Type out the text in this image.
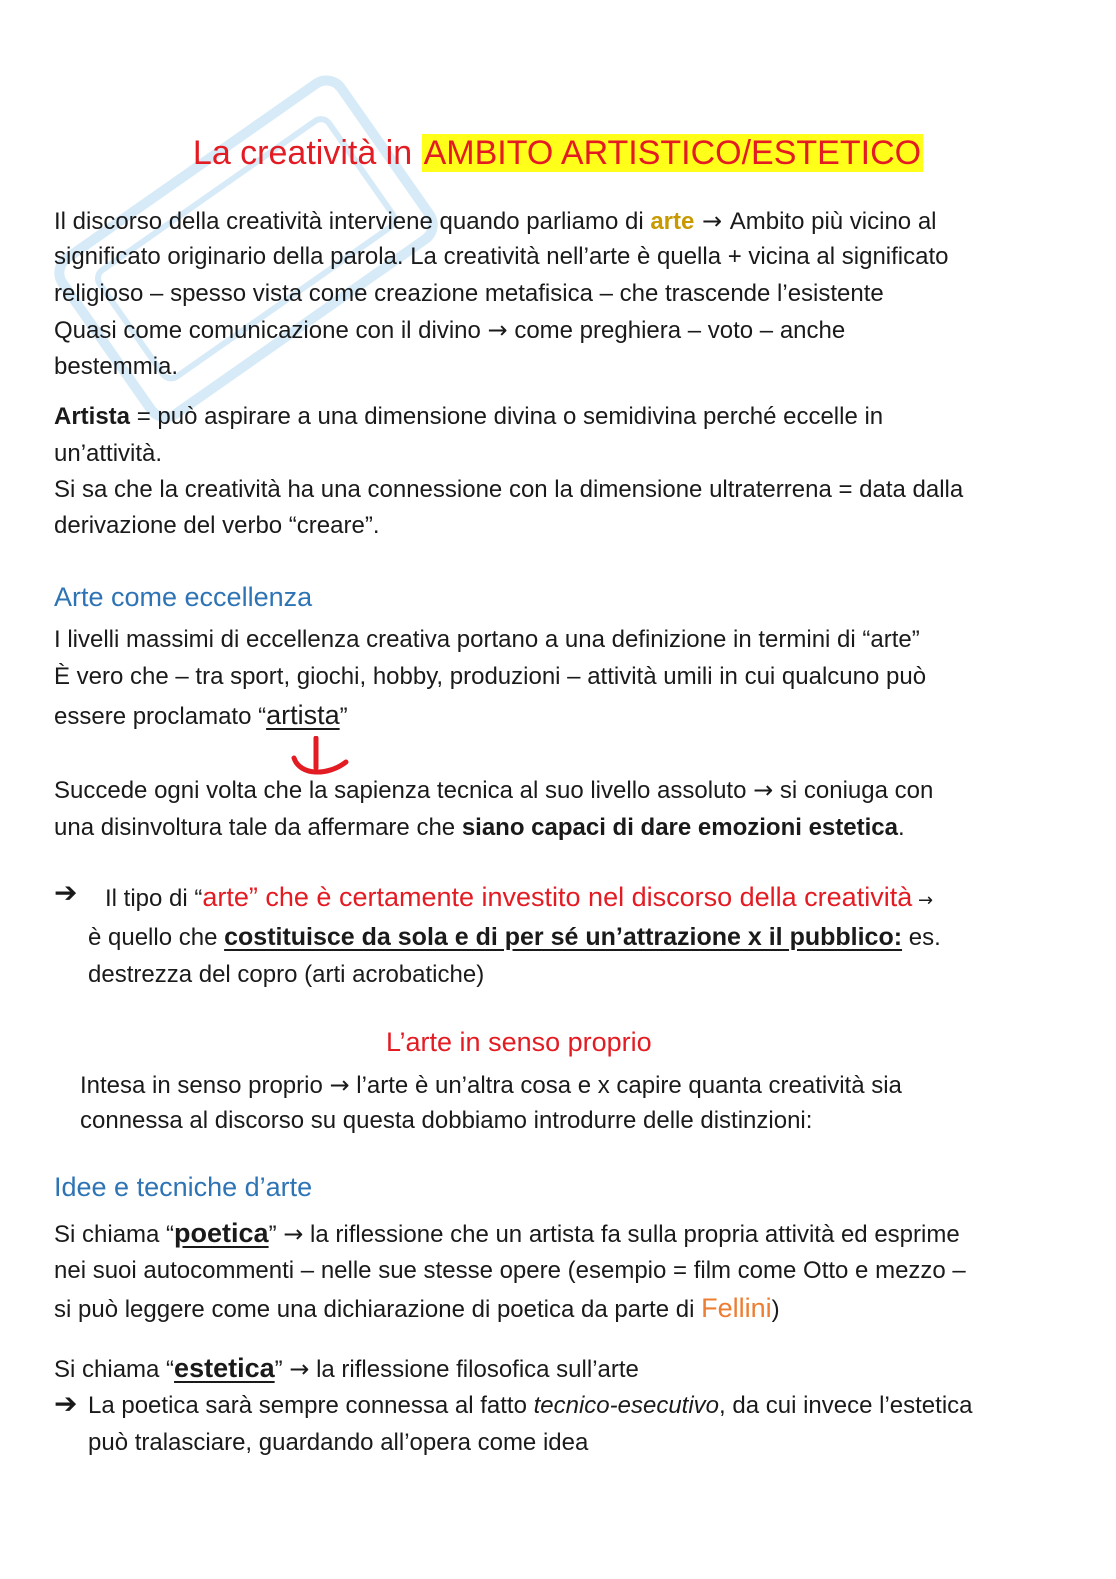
La creatività in AMBITO ARTISTICO/ESTETICO

Il discorso della creatività interviene quando parliamo di arte → Ambito più vicino al

significato originario della parola. La creatività nell’arte è quella + vicina al significato

religioso – spesso vista come creazione metafisica – che trascende l’esistente

Quasi come comunicazione con il divino → come preghiera – voto – anche

bestemmia.

Artista = può aspirare a una dimensione divina o semidivina perché eccelle in

un’attività.

Si sa che la creatività ha una connessione con la dimensione ultraterrena = data dalla

derivazione del verbo “creare”.

Arte come eccellenza

I livelli massimi di eccellenza creativa portano a una definizione in termini di “arte”

È vero che – tra sport, giochi, hobby, produzioni – attività umili in cui qualcuno può

essere proclamato “artista”

Succede ogni volta che la sapienza tecnica al suo livello assoluto → si coniuga con

una disinvoltura tale da affermare che siano capaci di dare emozioni estetica.

➔ Il tipo di “arte” che è certamente investito nel discorso della creatività →

è quello che costituisce da sola e di per sé un’attrazione x il pubblico: es.

destrezza del copro (arti acrobatiche)

L’arte in senso proprio

Intesa in senso proprio → l’arte è un’altra cosa e x capire quanta creatività sia

connessa al discorso su questa dobbiamo introdurre delle distinzioni:

Idee e tecniche d’arte

Si chiama “poetica” → la riflessione che un artista fa sulla propria attività ed esprime

nei suoi autocommenti – nelle sue stesse opere (esempio = film come Otto e mezzo –

si può leggere come una dichiarazione di poetica da parte di Fellini)

Si chiama “estetica” → la riflessione filosofica sull’arte

➔ La poetica sarà sempre connessa al fatto tecnico-esecutivo, da cui invece l’estetica

può tralasciare, guardando all’opera come idea
